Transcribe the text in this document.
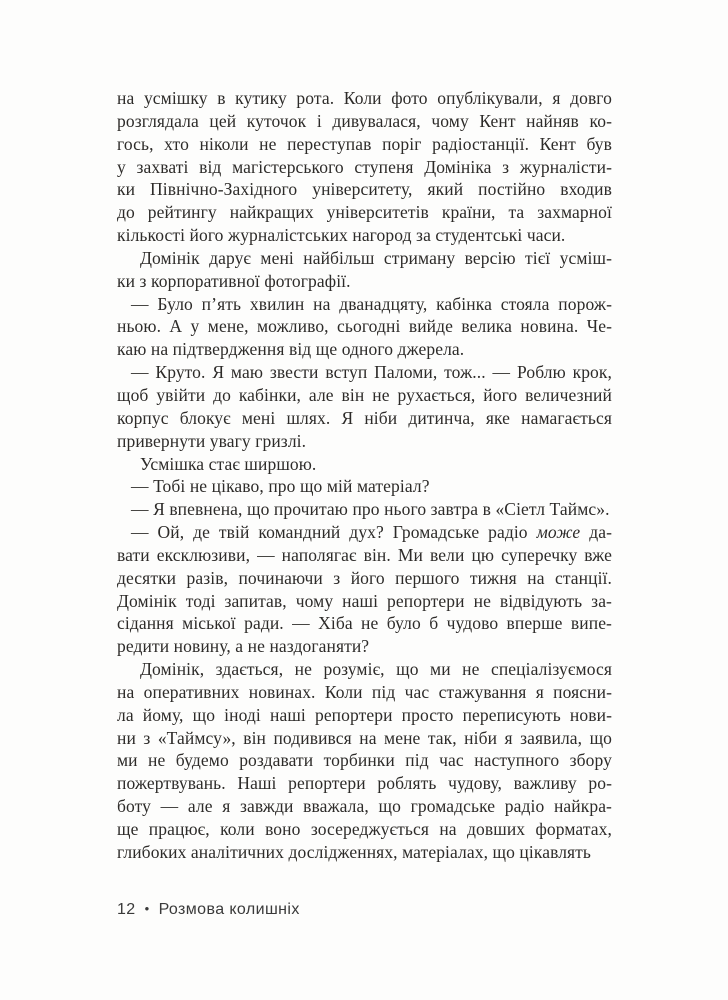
на усмішку в кутику рота. Коли фото опублікували, я довго
розглядала цей куточок і дивувалася, чому Кент найняв ко-
гось, хто ніколи не переступав поріг радіостанції. Кент був
у захваті від магістерського ступеня Домініка з журналісти-
ки Північно-Західного університету, який постійно входив
до рейтингу найкращих університетів країни, та захмарної
кількості його журналістських нагород за студентські часи.
Домінік дарує мені найбільш стриману версію тієї усміш-
ки з корпоративної фотографії.
— Було п’ять хвилин на дванадцяту, кабінка стояла порож-
ньою. А у мене, можливо, сьогодні вийде велика новина. Че-
каю на підтвердження від ще одного джерела.
— Круто. Я маю звести вступ Паломи, тож... — Роблю крок,
щоб увійти до кабінки, але він не рухається, його величезний
корпус блокує мені шлях. Я ніби дитинча, яке намагається
привернути увагу гризлі.
Усмішка стає ширшою.
— Тобі не цікаво, про що мій матеріал?
— Я впевнена, що прочитаю про нього завтра в «Сіетл Таймс».
— Ой, де твій командний дух? Громадське радіо може да-
вати ексклюзиви, — наполягає він. Ми вели цю суперечку вже
десятки разів, починаючи з його першого тижня на станції.
Домінік тоді запитав, чому наші репортери не відвідують за-
сідання міської ради. — Хіба не було б чудово вперше випе-
редити новину, а не наздоганяти?
Домінік, здається, не розуміє, що ми не спеціалізуємося
на оперативних новинах. Коли під час стажування я поясни-
ла йому, що іноді наші репортери просто переписують нови-
ни з «Таймсу», він подивився на мене так, ніби я заявила, що
ми не будемо роздавати торбинки під час наступного збору
пожертвувань. Наші репортери роблять чудову, важливу ро-
боту — але я завжди вважала, що громадське радіо найкра-
ще працює, коли воно зосереджується на довших форматах,
глибоких аналітичних дослідженнях, матеріалах, що цікавлять
12 • Розмова колишніх
